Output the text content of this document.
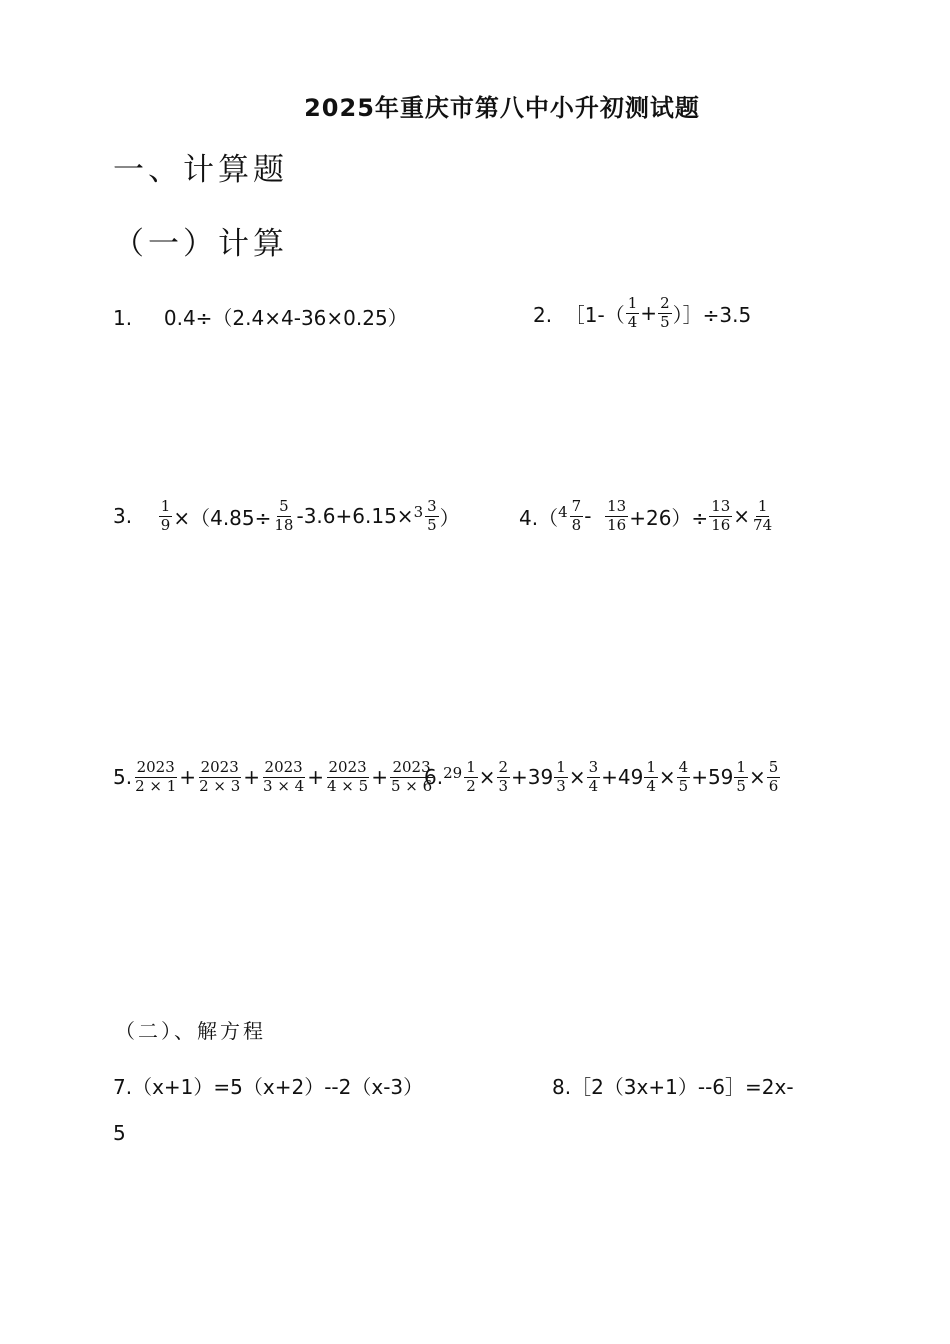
2025年重庆市第八中小升初测试题
一、计算题
（一）计算
1.     0.4÷（2.4×4-36×0.25）	2.  ［1-（ $\frac{1}{4} + \frac{2}{5}$ ）］÷3.5
3. $\frac{1}{9} \times(4.85\div \frac{5}{18} -3.6+6.15\times 3 \frac{3}{5}$ ）	4.（ $4 \frac{7}{8} - \frac{13}{16} +26)\div \frac{13}{16} \times \frac{1}{74}$
5. $\frac{2023}{2 \times 1} + \frac{2023}{2 \times 3} + \frac{2023}{3 \times 4} + \frac{2023}{4 \times 5} + \frac{2023}{5 \times 6}$
6. $29 \frac{1}{2} \times \frac{2}{3} +39 \frac{1}{3} \times \frac{3}{4} +49 \frac{1}{4} \times \frac{4}{5} +59 \frac{1}{5} \times \frac{5}{6}$
（二）、解方程
7.（x+1）=5（x+2）--2（x-3）	8.［2（3x+1）--6］=2x-
5
